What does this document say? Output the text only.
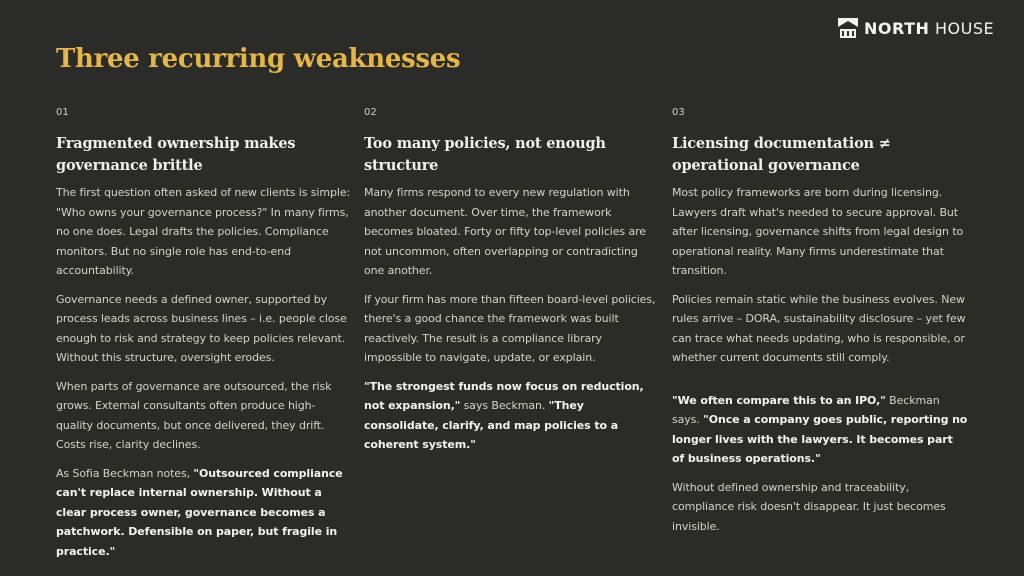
NORTH HOUSE
Three recurring weaknesses

01

Fragmented ownership makes governance brittle

The first question often asked of new clients is simple: "Who owns your governance process?" In many firms, no one does. Legal drafts the policies. Compliance monitors. But no single role has end-to-end accountability.

Governance needs a defined owner, supported by process leads across business lines – i.e. people close enough to risk and strategy to keep policies relevant. Without this structure, oversight erodes.

When parts of governance are outsourced, the risk grows. External consultants often produce high-quality documents, but once delivered, they drift. Costs rise, clarity declines.

As Sofia Beckman notes, "Outsourced compliance can't replace internal ownership. Without a clear process owner, governance becomes a patchwork. Defensible on paper, but fragile in practice."

02

Too many policies, not enough structure

Many firms respond to every new regulation with another document. Over time, the framework becomes bloated. Forty or fifty top-level policies are not uncommon, often overlapping or contradicting one another.

If your firm has more than fifteen board-level policies, there's a good chance the framework was built reactively. The result is a compliance library impossible to navigate, update, or explain.

"The strongest funds now focus on reduction, not expansion," says Beckman. "They consolidate, clarify, and map policies to a coherent system."

03

Licensing documentation ≠ operational governance

Most policy frameworks are born during licensing. Lawyers draft what's needed to secure approval. But after licensing, governance shifts from legal design to operational reality. Many firms underestimate that transition.

Policies remain static while the business evolves. New rules arrive – DORA, sustainability disclosure – yet few can trace what needs updating, who is responsible, or whether current documents still comply.

"We often compare this to an IPO," Beckman says. "Once a company goes public, reporting no longer lives with the lawyers. It becomes part of business operations."

Without defined ownership and traceability, compliance risk doesn't disappear. It just becomes invisible.
